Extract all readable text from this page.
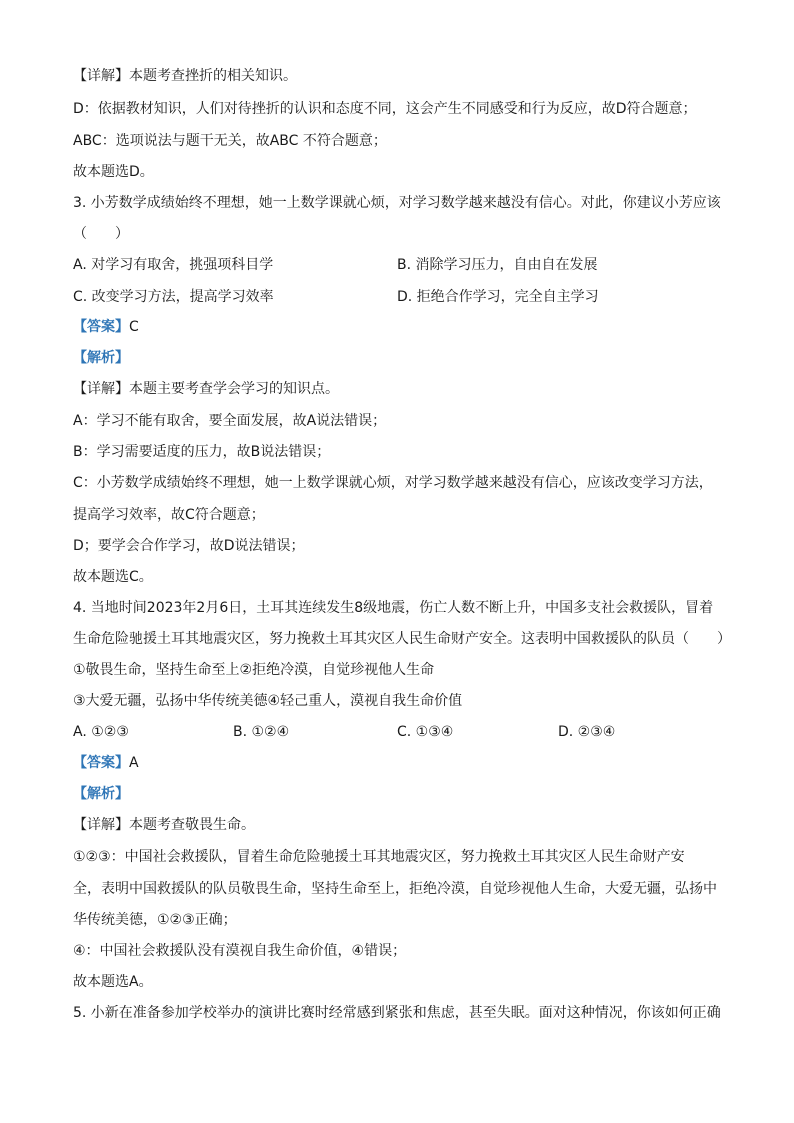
【详解】本题考查挫折的相关知识。
D：依据教材知识，人们对待挫折的认识和态度不同，这会产生不同感受和行为反应，故D符合题意；
ABC：选项说法与题干无关，故ABC 不符合题意；
故本题选D。
3. 小芳数学成绩始终不理想，她一上数学课就心烦，对学习数学越来越没有信心。对此，你建议小芳应该
（　　）
A. 对学习有取舍，挑强项科目学	B. 消除学习压力，自由自在发展
C. 改变学习方法，提高学习效率	D. 拒绝合作学习，完全自主学习
【答案】C
【解析】
【详解】本题主要考查学会学习的知识点。
A：学习不能有取舍，要全面发展，故A说法错误；
B：学习需要适度的压力，故B说法错误；
C：小芳数学成绩始终不理想，她一上数学课就心烦，对学习数学越来越没有信心，应该改变学习方法，
提高学习效率，故C符合题意；
D；要学会合作学习，故D说法错误；
故本题选C。
4. 当地时间2023年2月6日，土耳其连续发生8级地震，伤亡人数不断上升，中国多支社会救援队，冒着
生命危险驰援土耳其地震灾区，努力挽救土耳其灾区人民生命财产安全。这表明中国救援队的队员（　　）
①敬畏生命，坚持生命至上②拒绝冷漠，自觉珍视他人生命
③大爱无疆，弘扬中华传统美德④轻己重人，漠视自我生命价值
A. ①②③	B. ①②④	C. ①③④	D. ②③④
【答案】A
【解析】
【详解】本题考查敬畏生命。
①②③：中国社会救援队，冒着生命危险驰援土耳其地震灾区，努力挽救土耳其灾区人民生命财产安
全，表明中国救援队的队员敬畏生命，坚持生命至上，拒绝冷漠，自觉珍视他人生命，大爱无疆，弘扬中
华传统美德，①②③正确；
④：中国社会救援队没有漠视自我生命价值，④错误；
故本题选A。
5. 小新在准备参加学校举办的演讲比赛时经常感到紧张和焦虑，甚至失眠。面对这种情况，你该如何正确
